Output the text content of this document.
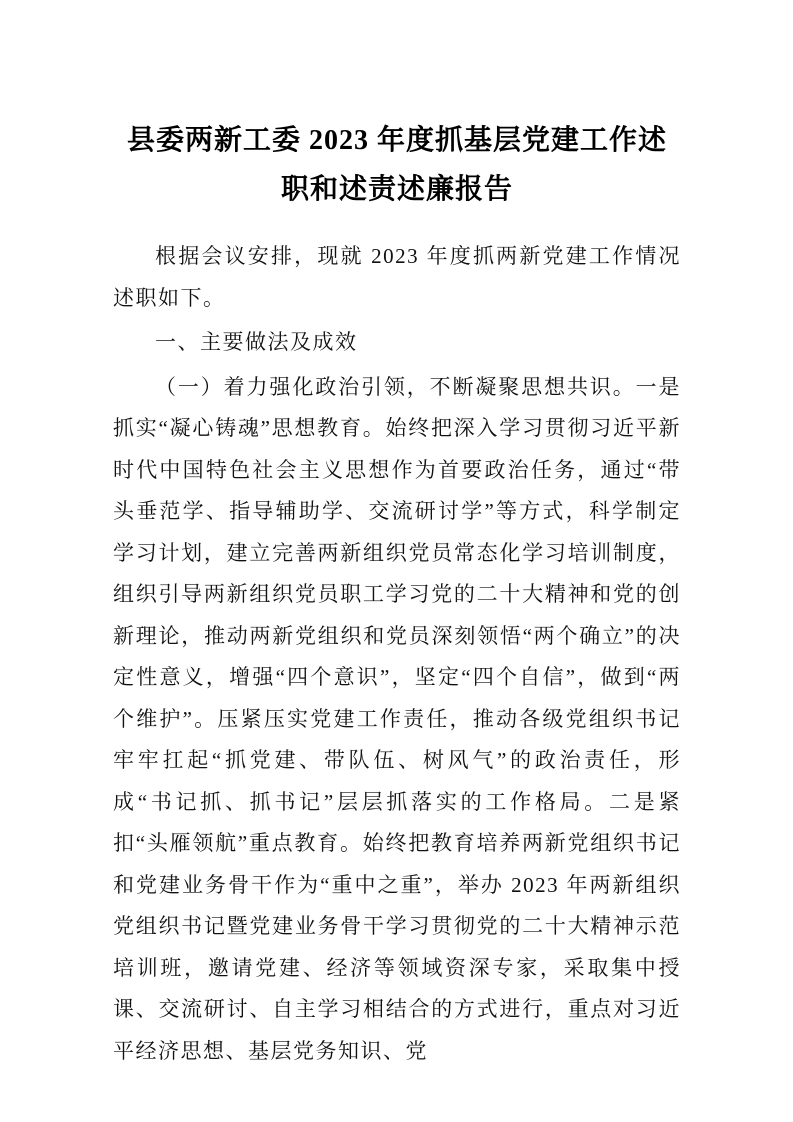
县委两新工委 2023 年度抓基层党建工作述职和述责述廉报告

根据会议安排，现就 2023 年度抓两新党建工作情况述职如下。

一、主要做法及成效

（一）着力强化政治引领，不断凝聚思想共识。一是抓实“凝心铸魂”思想教育。始终把深入学习贯彻习近平新时代中国特色社会主义思想作为首要政治任务，通过“带头垂范学、指导辅助学、交流研讨学”等方式，科学制定学习计划，建立完善两新组织党员常态化学习培训制度，组织引导两新组织党员职工学习党的二十大精神和党的创新理论，推动两新党组织和党员深刻领悟“两个确立”的决定性意义，增强“四个意识”，坚定“四个自信”，做到“两个维护”。压紧压实党建工作责任，推动各级党组织书记牢牢扛起“抓党建、带队伍、树风气”的政治责任，形成“书记抓、抓书记”层层抓落实的工作格局。二是紧扣“头雁领航”重点教育。始终把教育培养两新党组织书记和党建业务骨干作为“重中之重”，举办 2023 年两新组织党组织书记暨党建业务骨干学习贯彻党的二十大精神示范培训班，邀请党建、经济等领域资深专家，采取集中授课、交流研讨、自主学习相结合的方式进行，重点对习近平经济思想、基层党务知识、党
